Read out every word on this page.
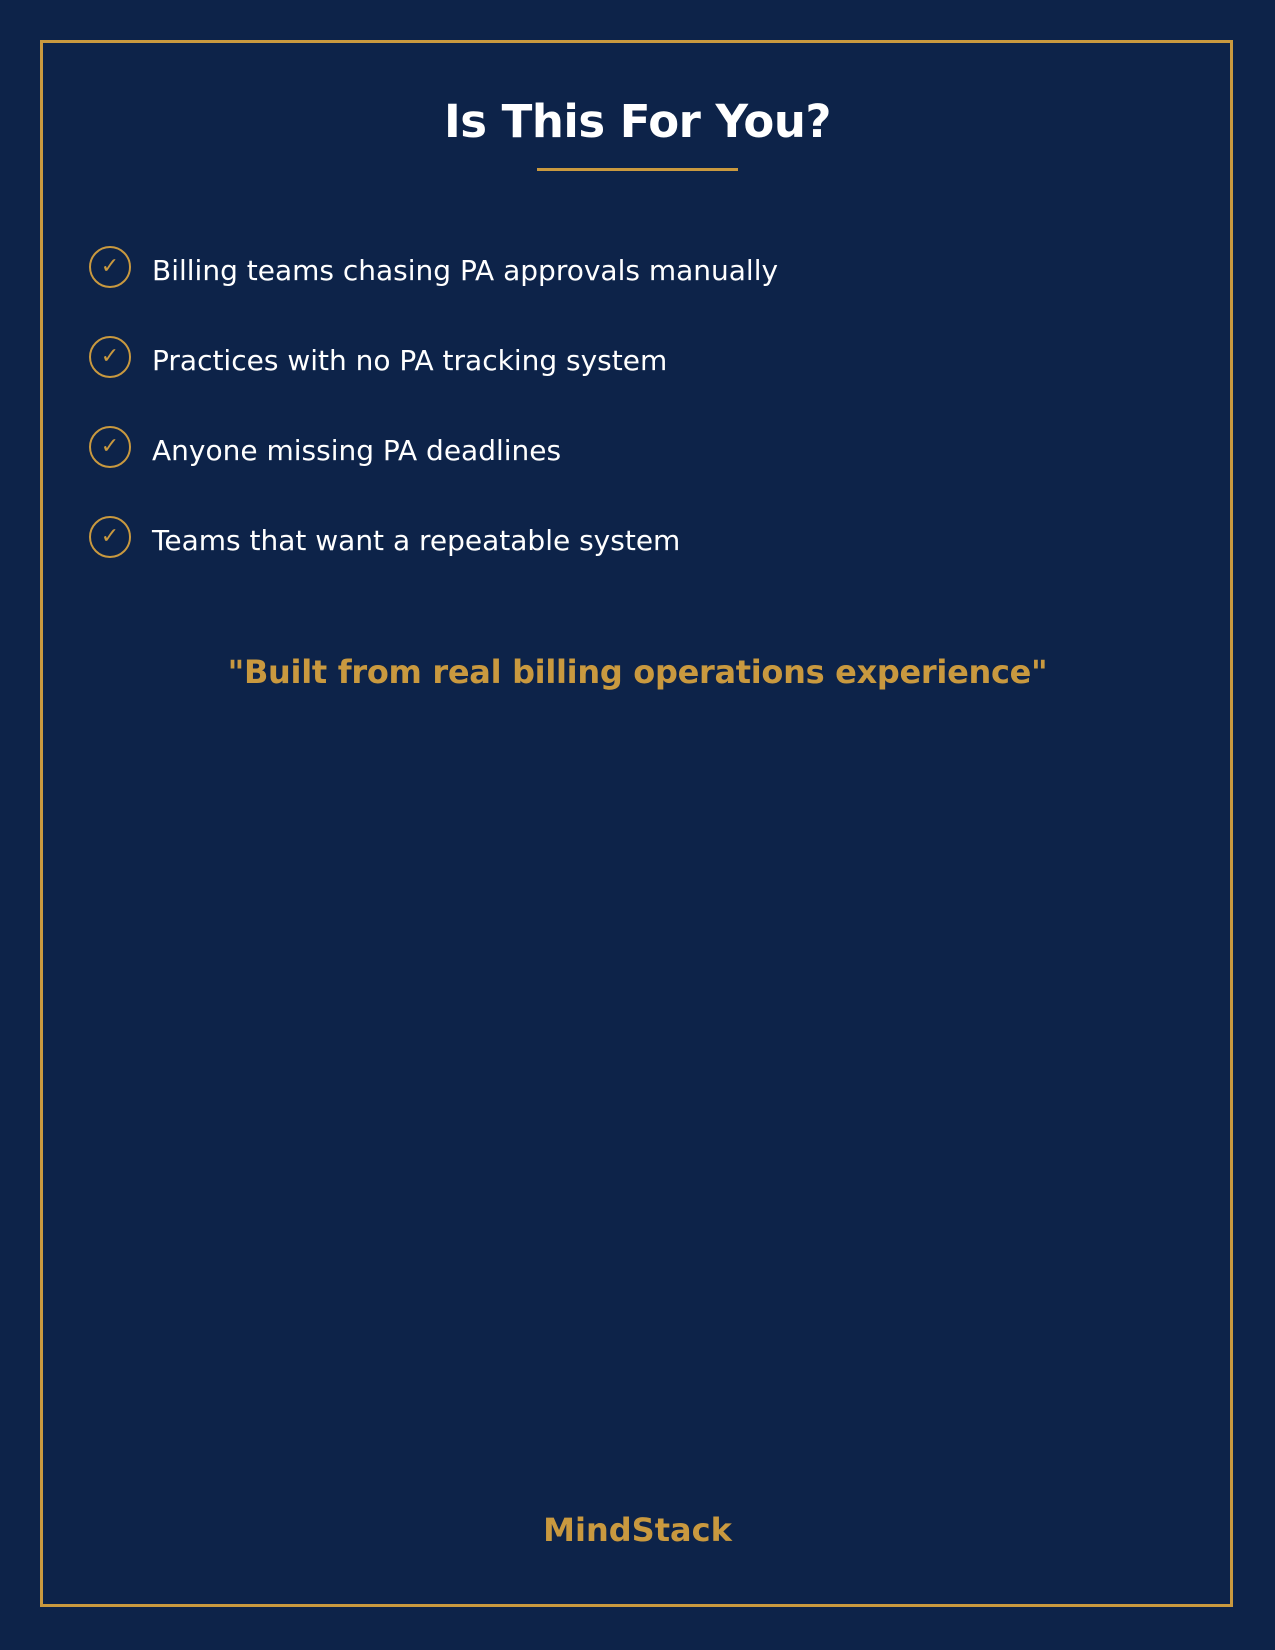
Is This For You?
✓	Billing teams chasing PA approvals manually
✓	Practices with no PA tracking system
✓	Anyone missing PA deadlines
✓	Teams that want a repeatable system

"Built from real billing operations experience"

MindStack
